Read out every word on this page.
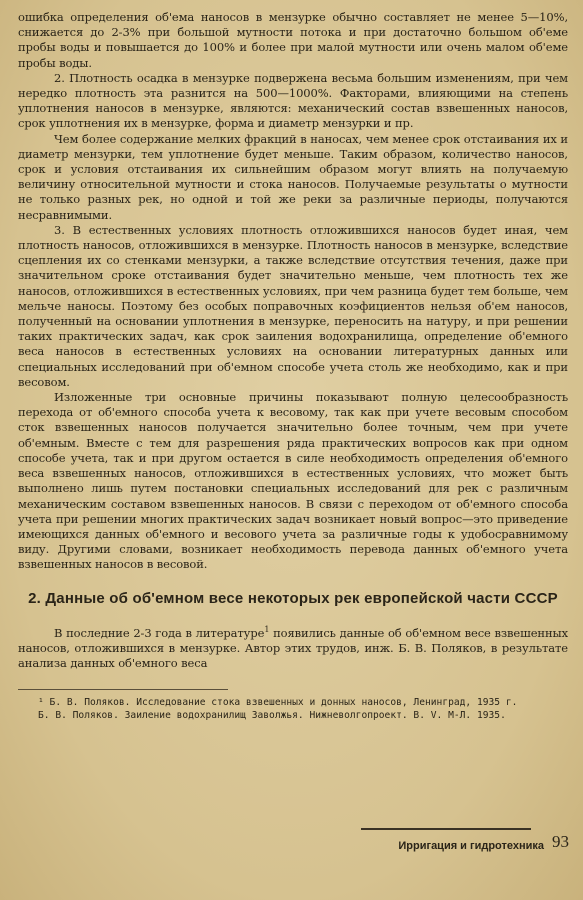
ошибка определения об'ема наносов в мензурке обычно составляет не менее 5—10%, снижается до 2-3% при большой мутности потока и при достаточно большом об'еме пробы воды и повышается до 100% и более при малой мутности или очень малом об'еме пробы воды.

2. Плотность осадка в мензурке подвержена весьма большим изменениям, при чем нередко плотность эта разнится на 500—1000%. Факторами, влияющими на степень уплотнения наносов в мензурке, являются: механический состав взвешенных наносов, срок уплотнения их в мензурке, форма и диаметр мензурки и пр.

Чем более содержание мелких фракций в наносах, чем менее срок отстаивания их и диаметр мензурки, тем уплотнение будет меньше. Таким образом, количество наносов, срок и условия отстаивания их сильнейшим образом могут влиять на получаемую величину относительной мутности и стока наносов. Получаемые результаты о мутности не только разных рек, но одной и той же реки за различные периоды, получаются несравнимыми.

3. В естественных условиях плотность отложившихся наносов будет иная, чем плотность наносов, отложившихся в мензурке. Плотность наносов в мензурке, вследствие сцепления их со стенками мензурки, а также вследствие отсутствия течения, даже при значительном сроке отстаивания будет значительно меньше, чем плотность тех же наносов, отложившихся в естественных условиях, при чем разница будет тем больше, чем мельче наносы. Поэтому без особых поправочных коэфициентов нельзя об'ем наносов, полученный на основании уплотнения в мензурке, переносить на натуру, и при решении таких практических задач, как срок заиления водохранилища, определение об'емного веса наносов в естественных условиях на основании литературных данных или специальных исследований при об'емном способе учета столь же необходимо, как и при весовом.

Изложенные три основные причины показывают полную целесообразность перехода от об'емного способа учета к весовому, так как при учете весовым способом сток взвешенных наносов получается значительно более точным, чем при учете об'емным. Вместе с тем для разрешения ряда практических вопросов как при одном способе учета, так и при другом остается в силе необходимость определения об'емного веса взвешенных наносов, отложившихся в естественных условиях, что может быть выполнено лишь путем постановки специальных исследований для рек с различным механическим составом взвешенных наносов. В связи с переходом от об'емного способа учета при решении многих практических задач возникает новый вопрос—это приведение имеющихся данных об'емного и весового учета за различные годы к удобосравнимому виду. Другими словами, возникает необходимость перевода данных об'емного учета взвешенных наносов в весовой.

2. Данные об об'емном весе некоторых рек европейской части СССР

В последние 2-3 года в литературе$^1$ появились данные об об'емном весе взвешенных наносов, отложившихся в мензурке. Автор этих трудов, инж. Б. В. Поляков, в результате анализа данных об'емного веса

¹ Б. В. Поляков. Исследование стока взвешенных и донных наносов, Ленинград, 1935 г.

Б. В. Поляков. Заиление водохранилищ Заволжья. Нижневолгопроект. В. V. М-Л. 1935.

Ирригация и гидротехника 93
